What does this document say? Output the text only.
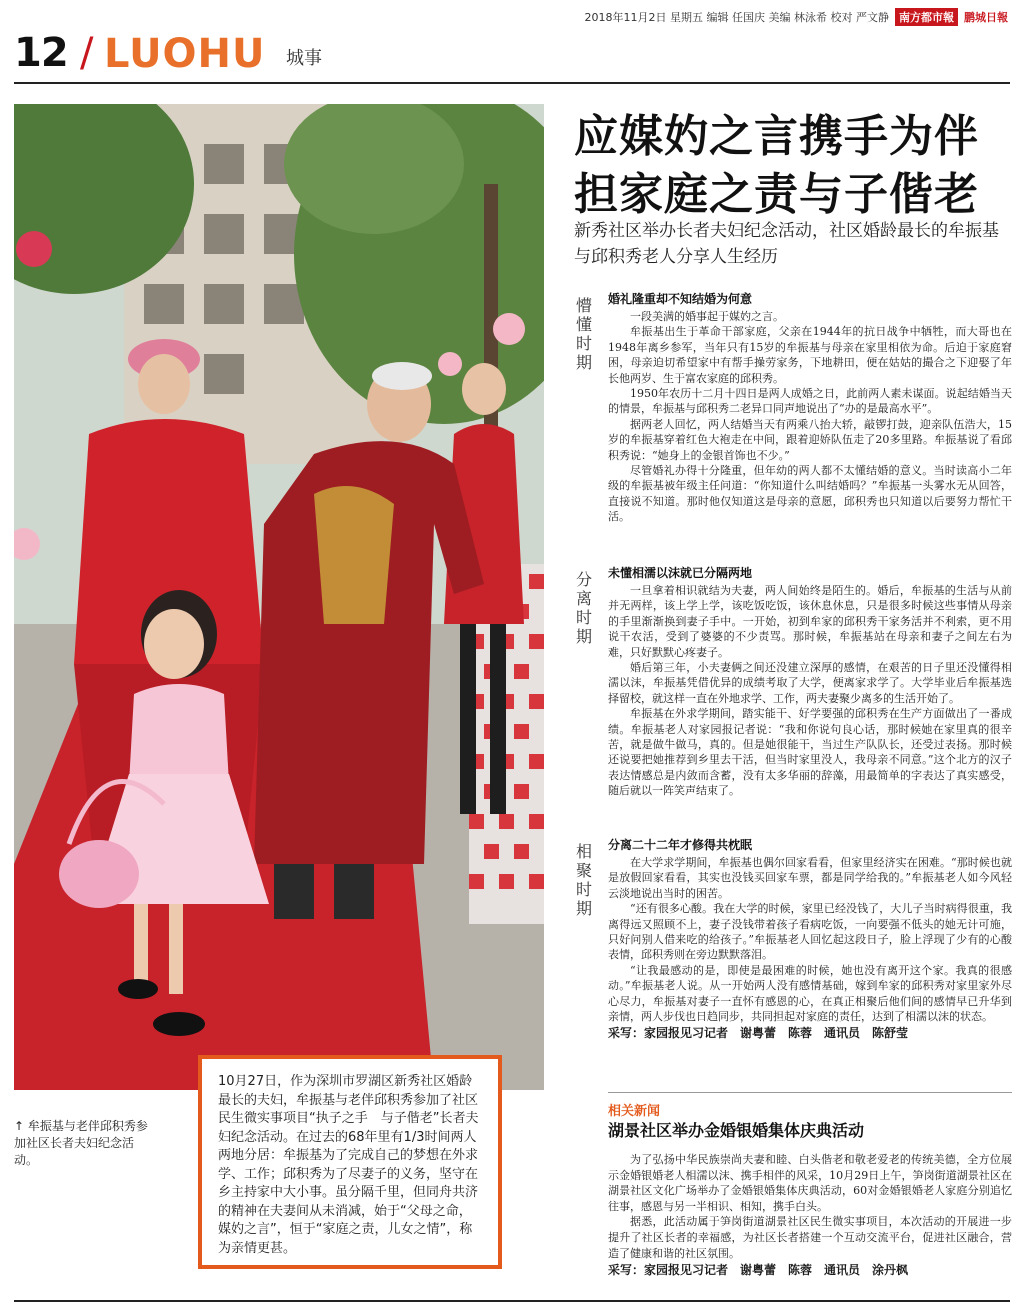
2018年11月2日 星期五 编辑 任国庆 美编 林泳希 校对 严文静 南方都市報 鹏城日報
12 / LUOHU 城事
↑ 牟振基与老伴邱积秀参加社区长者夫妇纪念活动。
10月27日，作为深圳市罗湖区新秀社区婚龄最长的夫妇，牟振基与老伴邱积秀参加了社区民生微实事项目“执子之手　与子偕老”长者夫妇纪念活动。在过去的68年里有1/3时间两人两地分居：牟振基为了完成自己的梦想在外求学、工作；邱积秀为了尽妻子的义务，坚守在乡主持家中大小事。虽分隔千里，但同舟共济的精神在夫妻间从未消减，始于“父母之命，媒妁之言”，恒于“家庭之责，儿女之情”，称为亲情更甚。
应媒妁之言携手为伴
担家庭之责与子偕老
新秀社区举办长者夫妇纪念活动，社区婚龄最长的牟振基与邱积秀老人分享人生经历
懵懂时期
婚礼隆重却不知结婚为何意

一段美满的婚事起于媒妁之言。

牟振基出生于革命干部家庭，父亲在1944年的抗日战争中牺牲，而大哥也在1948年离乡参军，当年只有15岁的牟振基与母亲在家里相依为命。后迫于家庭窘困，母亲迫切希望家中有帮手操劳家务，下地耕田，便在姑姑的撮合之下迎娶了年长他两岁、生于富农家庭的邱积秀。

1950年农历十二月十四日是两人成婚之日，此前两人素未谋面。说起结婚当天的情景，牟振基与邱积秀二老异口同声地说出了“办的是最高水平”。

据两老人回忆，两人结婚当天有两乘八抬大轿，敲锣打鼓，迎亲队伍浩大，15岁的牟振基穿着红色大袍走在中间，跟着迎娇队伍走了20多里路。牟振基说了看邱积秀说：“她身上的金银首饰也不少。”

尽管婚礼办得十分隆重，但年幼的两人都不太懂结婚的意义。当时读高小二年级的牟振基被年级主任问道：“你知道什么叫结婚吗？”牟振基一头雾水无从回答，直接说不知道。那时他仅知道这是母亲的意愿，邱积秀也只知道以后要努力帮忙干活。

分离时期
未懂相濡以沫就已分隔两地

一旦拿着相识就结为夫妻，两人间始终是陌生的。婚后，牟振基的生活与从前并无两样，该上学上学，该吃饭吃饭，该休息休息，只是很多时候这些事情从母亲的手里渐渐换到妻子手中。一开始，初到牟家的邱积秀干家务活并不利索，更不用说干农活，受到了婆婆的不少责骂。那时候，牟振基站在母亲和妻子之间左右为难，只好默默心疼妻子。

婚后第三年，小夫妻俩之间还没建立深厚的感情，在艰苦的日子里还没懂得相濡以沫，牟振基凭借优异的成绩考取了大学，便离家求学了。大学毕业后牟振基选择留校，就这样一直在外地求学、工作，两夫妻聚少离多的生活开始了。

牟振基在外求学期间，踏实能干、好学要强的邱积秀在生产方面做出了一番成绩。牟振基老人对家园报记者说：“我和你说句良心话，那时候她在家里真的很辛苦，就是做牛做马，真的。但是她很能干，当过生产队队长，还受过表扬。那时候还说要把她推荐到乡里去干活，但当时家里没人，我母亲不同意。”这个北方的汉子表达情感总是内敛而含蓄，没有太多华丽的辞藻，用最简单的字表达了真实感受，随后就以一阵笑声结束了。

相聚时期
分离二十二年才修得共枕眠

在大学求学期间，牟振基也偶尔回家看看，但家里经济实在困难。“那时候也就是放假回家看看，其实也没钱买回家车票，都是同学给我的。”牟振基老人如今风轻云淡地说出当时的困苦。

“还有很多心酸。我在大学的时候，家里已经没钱了，大儿子当时病得很重，我离得远又照顾不上，妻子没钱带着孩子看病吃饭，一向要强不低头的她无计可施，只好问别人借来吃的给孩子。”牟振基老人回忆起这段日子，脸上浮现了少有的心酸表情，邱积秀则在旁边默默落泪。

“让我最感动的是，即使是最困难的时候，她也没有离开这个家。我真的很感动。”牟振基老人说。从一开始两人没有感情基础，嫁到牟家的邱积秀对家里家外尽心尽力，牟振基对妻子一直怀有感恩的心，在真正相聚后他们间的感情早已升华到亲情，两人步伐也日趋同步，共同担起对家庭的责任，达到了相濡以沫的状态。

采写：家园报见习记者　谢粤蕾　陈蓉　通讯员　陈舒莹
相关新闻
湖景社区举办金婚银婚集体庆典活动

为了弘扬中华民族崇尚夫妻和睦、白头偕老和敬老爱老的传统美德，全方位展示金婚银婚老人相濡以沫、携手相伴的风采，10月29日上午，笋岗街道湖景社区在湖景社区文化广场举办了金婚银婚集体庆典活动，60对金婚银婚老人家庭分别追忆往事，感恩与另一半相识、相知，携手白头。

据悉，此活动属于笋岗街道湖景社区民生微实事项目，本次活动的开展进一步提升了社区长者的幸福感，为社区长者搭建一个互动交流平台，促进社区融合，营造了健康和谐的社区氛围。

采写：家园报见习记者　谢粤蕾　陈蓉　通讯员　涂丹枫
